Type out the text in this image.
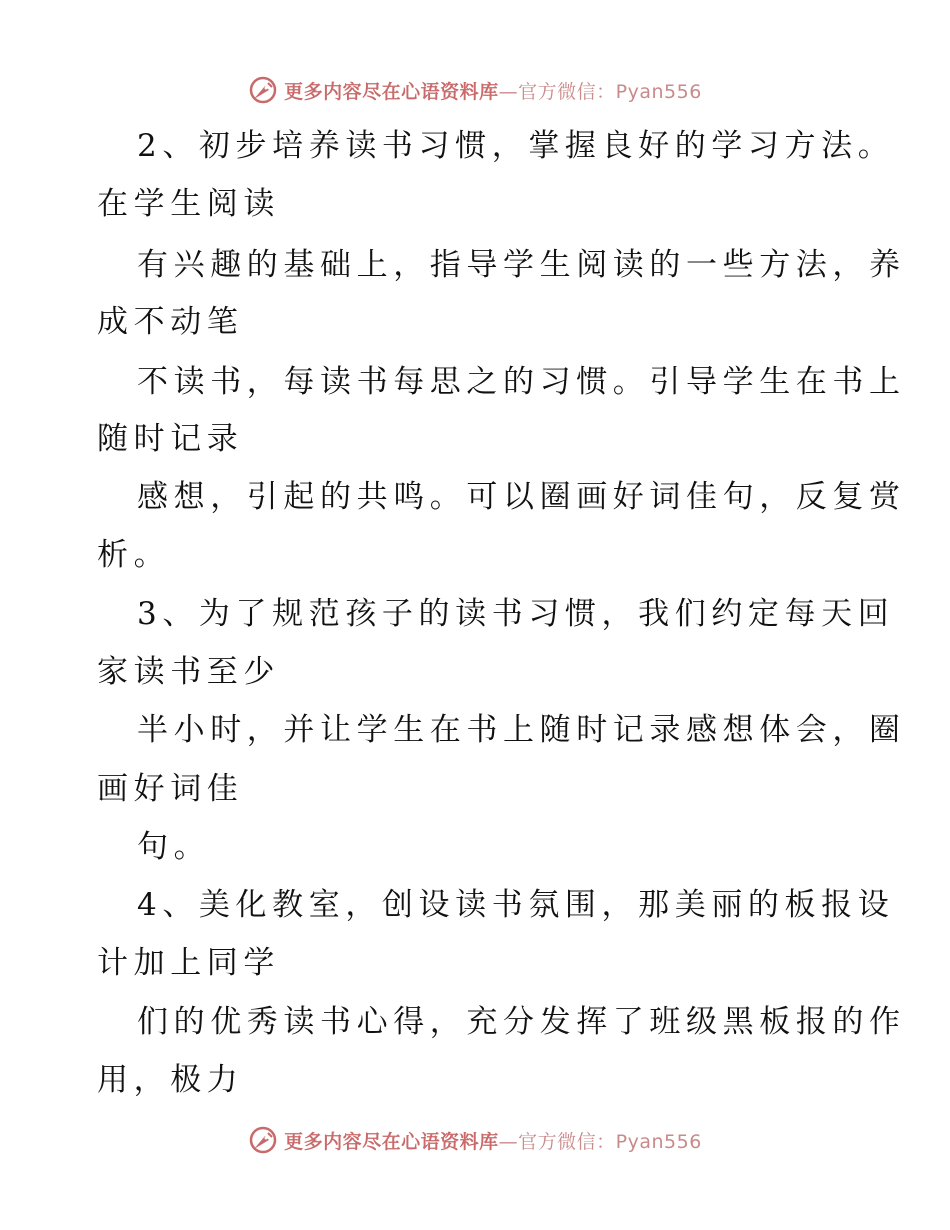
更多内容尽在心语资料库—官方微信：Pyan556
2、初步培养读书习惯，掌握良好的学习方法。
在学生阅读
有兴趣的基础上，指导学生阅读的一些方法，养
成不动笔
不读书，每读书每思之的习惯。引导学生在书上
随时记录
感想，引起的共鸣。可以圈画好词佳句，反复赏
析。
3、为了规范孩子的读书习惯，我们约定每天回
家读书至少
半小时，并让学生在书上随时记录感想体会，圈
画好词佳
句。
4、美化教室，创设读书氛围，那美丽的板报设
计加上同学
们的优秀读书心得，充分发挥了班级黑板报的作
用，极力
更多内容尽在心语资料库—官方微信：Pyan556
